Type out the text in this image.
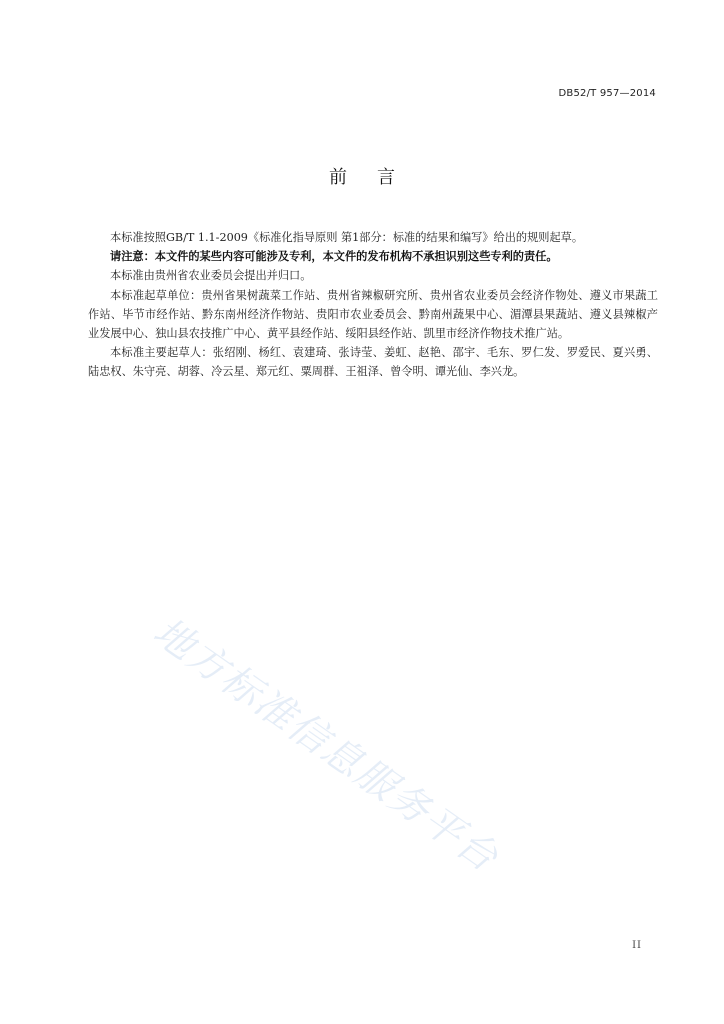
DB52/T 957—2014
前 言

本标准按照GB/T 1.1-2009《标准化指导原则 第1部分：标准的结果和编写》给出的规则起草。

请注意：本文件的某些内容可能涉及专利，本文件的发布机构不承担识别这些专利的责任。

本标准由贵州省农业委员会提出并归口。

本标准起草单位：贵州省果树蔬菜工作站、贵州省辣椒研究所、贵州省农业委员会经济作物处、遵义市果蔬工作站、毕节市经作站、黔东南州经济作物站、贵阳市农业委员会、黔南州蔬果中心、湄潭县果蔬站、遵义县辣椒产业发展中心、独山县农技推广中心、黄平县经作站、绥阳县经作站、凯里市经济作物技术推广站。

本标准主要起草人：张绍刚、杨红、袁建琦、张诗莹、姜虹、赵艳、邵宇、毛东、罗仁发、罗爱民、夏兴勇、陆忠权、朱守亮、胡蓉、冷云星、郑元红、粟周群、王祖泽、曾令明、谭光仙、李兴龙。

地方标准信息服务平台
II
